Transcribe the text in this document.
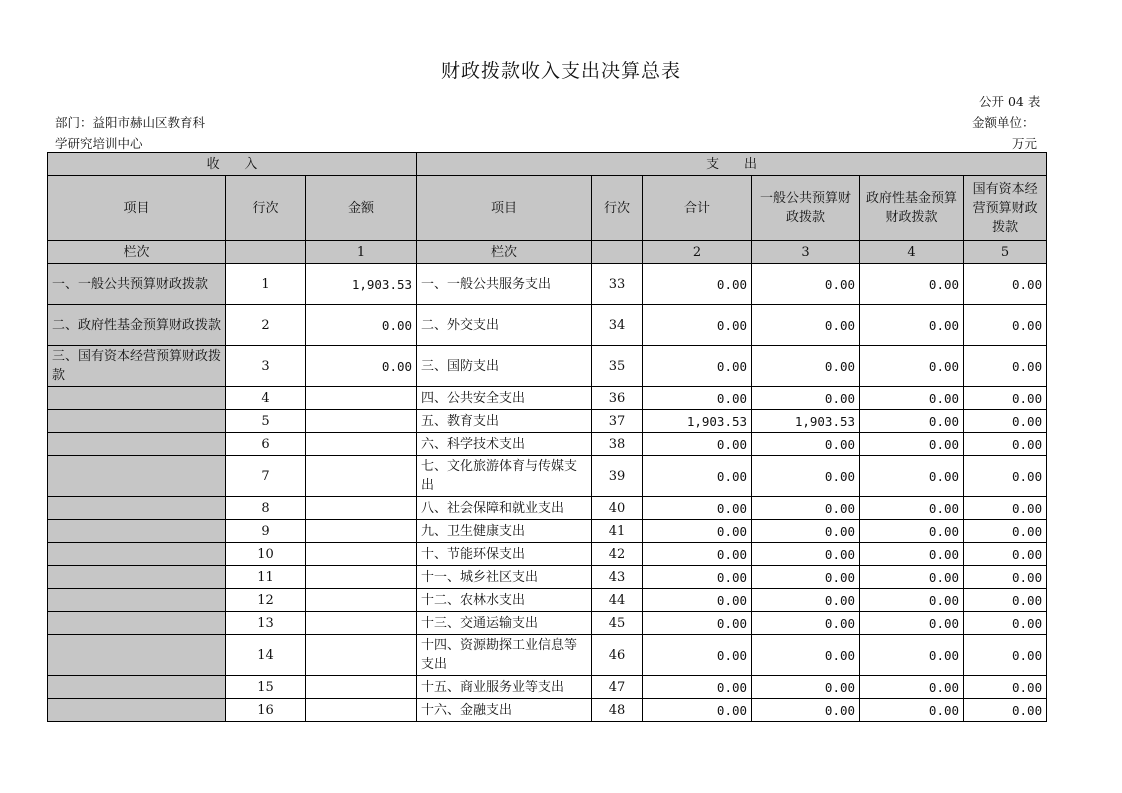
财政拨款收入支出决算总表
公开 04 表
部门：益阳市赫山区教育科
学研究培训中心
金额单位：
万元
收      入			支      出					
项目	行次	金额	项目	行次	合计	一般公共预算财政拨款	政府性基金预算财政拨款	国有资本经营预算财政拨款
栏次		1	栏次		2	3	4	5
一、一般公共预算财政拨款	1	1,903.53	一、一般公共服务支出	33	0.00	0.00	0.00	0.00
二、政府性基金预算财政拨款	2	0.00	二、外交支出	34	0.00	0.00	0.00	0.00
三、国有资本经营预算财政拨款	3	0.00	三、国防支出	35	0.00	0.00	0.00	0.00
	4		四、公共安全支出	36	0.00	0.00	0.00	0.00
	5		五、教育支出	37	1,903.53	1,903.53	0.00	0.00
	6		六、科学技术支出	38	0.00	0.00	0.00	0.00
	7		七、文化旅游体育与传媒支出	39	0.00	0.00	0.00	0.00
	8		八、社会保障和就业支出	40	0.00	0.00	0.00	0.00
	9		九、卫生健康支出	41	0.00	0.00	0.00	0.00
	10		十、节能环保支出	42	0.00	0.00	0.00	0.00
	11		十一、城乡社区支出	43	0.00	0.00	0.00	0.00
	12		十二、农林水支出	44	0.00	0.00	0.00	0.00
	13		十三、交通运输支出	45	0.00	0.00	0.00	0.00
	14		十四、资源勘探工业信息等支出	46	0.00	0.00	0.00	0.00
	15		十五、商业服务业等支出	47	0.00	0.00	0.00	0.00
	16		十六、金融支出	48	0.00	0.00	0.00	0.00
